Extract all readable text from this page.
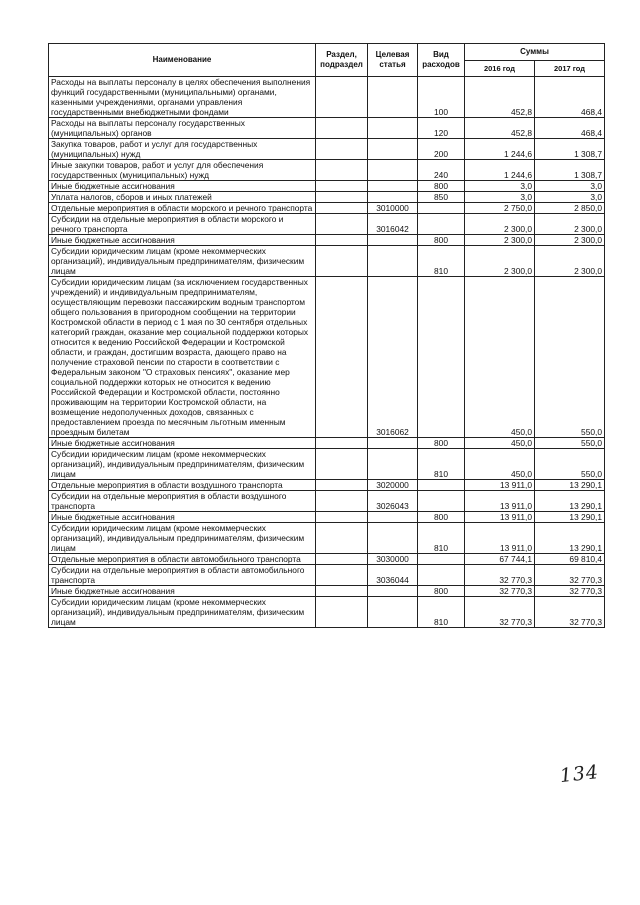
Наименование	Раздел, подраздел	Целевая статья	Вид расходов	Суммы	
				2016 год	2017 год
Расходы на выплаты персоналу в целях обеспечения выполнения функций государственными (муниципальными) органами, казенными учреждениями, органами управления государственными внебюджетными фондами			100	452,8	468,4
Расходы на выплаты персоналу государственных (муниципальных) органов			120	452,8	468,4
Закупка товаров, работ и услуг для государственных (муниципальных) нужд			200	1 244,6	1 308,7
Иные закупки товаров, работ и услуг для обеспечения государственных (муниципальных) нужд			240	1 244,6	1 308,7
Иные бюджетные ассигнования			800	3,0	3,0
Уплата налогов, сборов и иных платежей			850	3,0	3,0
Отдельные мероприятия в области морского и речного транспорта		3010000		2 750,0	2 850,0
Субсидии на отдельные мероприятия в области морского и речного транспорта		3016042		2 300,0	2 300,0
Иные бюджетные ассигнования			800	2 300,0	2 300,0
Субсидии юридическим лицам (кроме некоммерческих организаций), индивидуальным предпринимателям, физическим лицам			810	2 300,0	2 300,0
Субсидии юридическим лицам (за исключением государственных учреждений) и индивидуальным предпринимателям, осуществляющим перевозки пассажирским водным транспортом общего пользования в пригородном сообщении на территории Костромской области в период с 1 мая по 30 сентября отдельных категорий граждан, оказание мер социальной поддержки которых относится к ведению Российской Федерации и Костромской области, и граждан, достигшим возраста, дающего право на получение страховой пенсии по старости в соответствии с Федеральным законом "О страховых пенсиях", оказание мер социальной поддержки которых не относится к ведению Российской Федерации и Костромской области, постоянно проживающим на территории Костромской области, на возмещение недополученных доходов, связанных с предоставлением проезда по месячным льготным именным проездным билетам		3016062		450,0	550,0
Иные бюджетные ассигнования			800	450,0	550,0
Субсидии юридическим лицам (кроме некоммерческих организаций), индивидуальным предпринимателям, физическим лицам			810	450,0	550,0
Отдельные мероприятия в области воздушного транспорта		3020000		13 911,0	13 290,1
Субсидии на отдельные мероприятия в области воздушного транспорта		3026043		13 911,0	13 290,1
Иные бюджетные ассигнования			800	13 911,0	13 290,1
Субсидии юридическим лицам (кроме некоммерческих организаций), индивидуальным предпринимателям, физическим лицам			810	13 911,0	13 290,1
Отдельные мероприятия в области автомобильного транспорта		3030000		67 744,1	69 810,4
Субсидии на отдельные мероприятия в области автомобильного транспорта		3036044		32 770,3	32 770,3
Иные бюджетные ассигнования			800	32 770,3	32 770,3
Субсидии юридическим лицам (кроме некоммерческих организаций), индивидуальным предпринимателям, физическим лицам			810	32 770,3	32 770,3
134
